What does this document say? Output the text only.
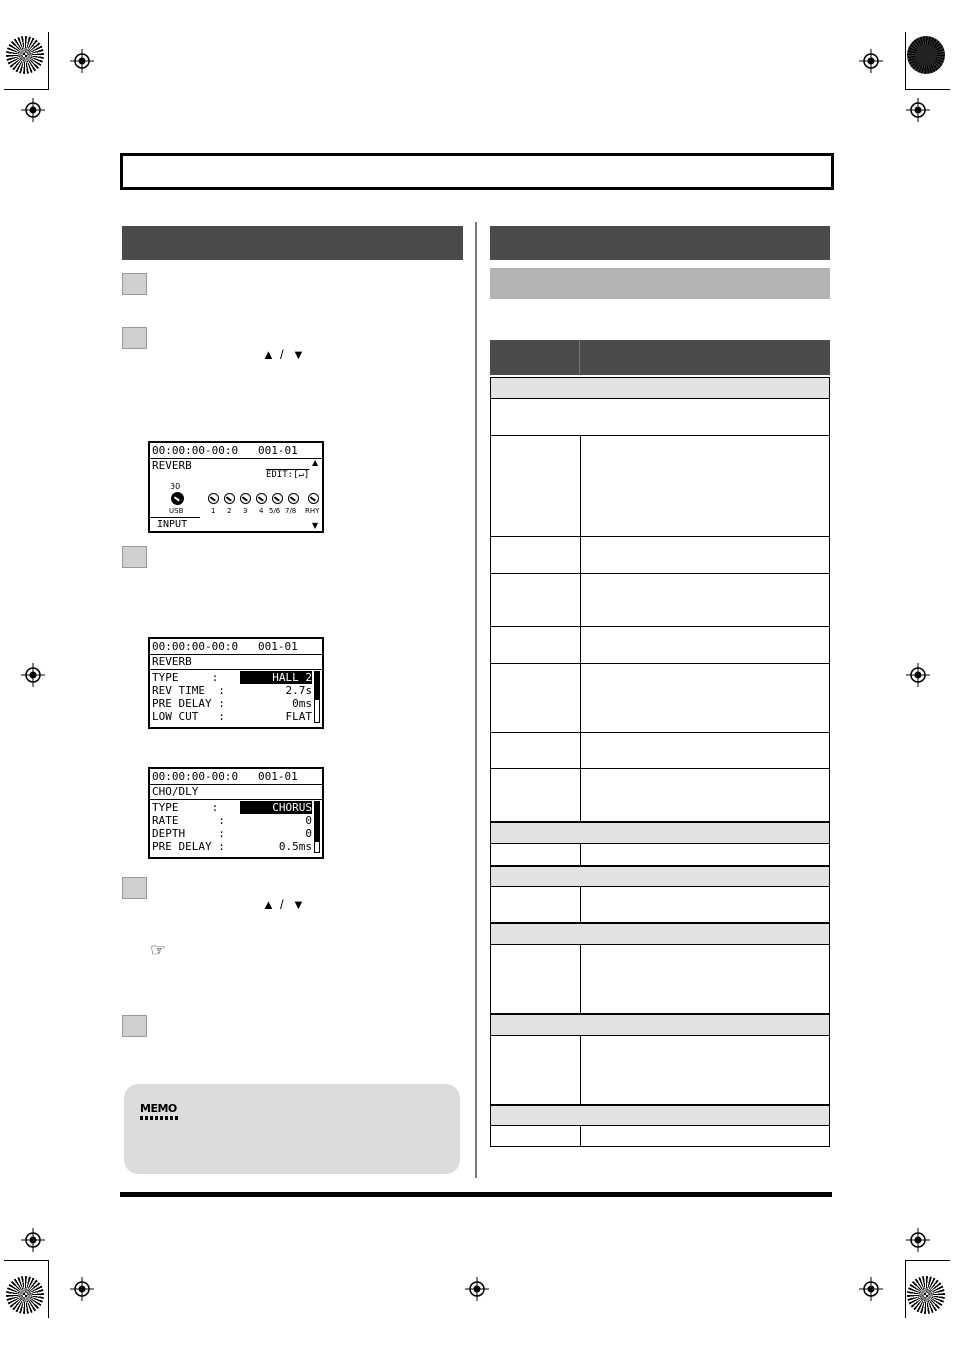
▲ / ▼
00:00:00-00:0   001-01
REVERB
EDIT:[↵]
30
USB	1 2 3 4 5/6 7/8 RHY
INPUT
▲
▼
00:00:00-00:0   001-01
REVERB
TYPE     :	HALL 2
REV TIME  :	2.7s
PRE DELAY :	0ms
LOW CUT   :	FLAT
00:00:00-00:0   001-01
CHO/DLY
TYPE     :	CHORUS
RATE      :	0
DEPTH     :	0
PRE DELAY :	0.5ms
▲ / ▼
☞
MEMO
